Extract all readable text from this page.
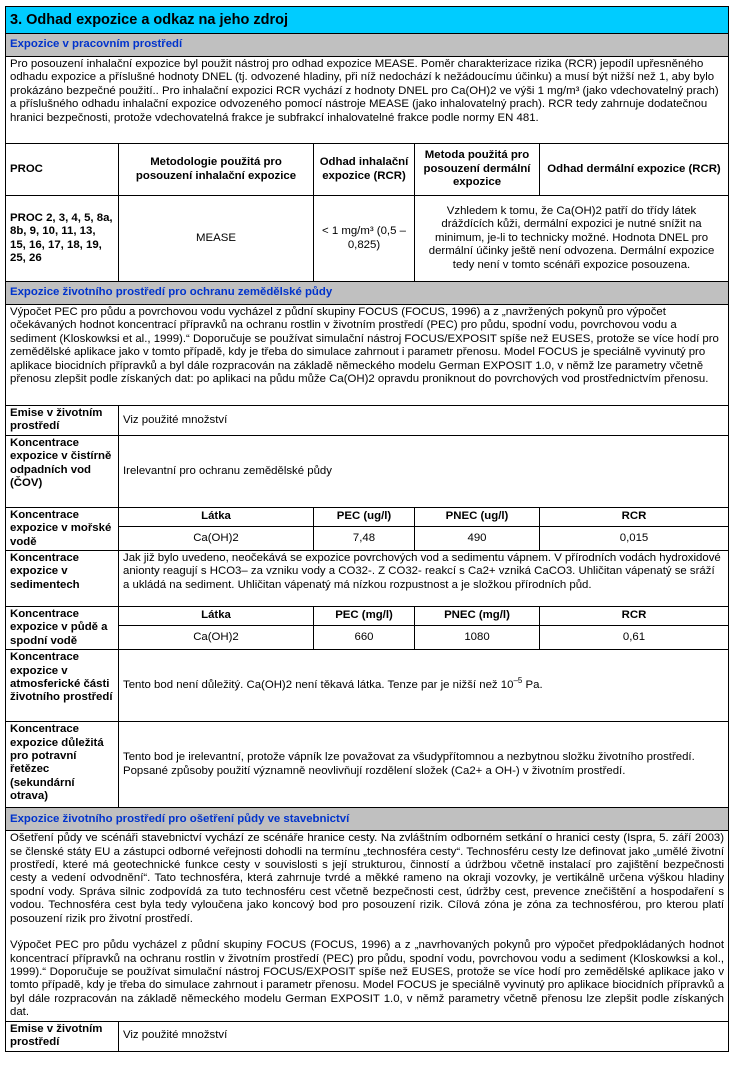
3. Odhad expozice a odkaz na jeho zdroj				
Expozice v pracovním prostředí				
Pro posouzení inhalační expozice byl použit nástroj pro odhad expozice MEASE. Poměr charakterizace rizika (RCR) jepodíl upřesněného odhadu expozice a příslušné hodnoty DNEL (tj. odvozené hladiny, při níž nedochází k nežádoucímu účinku) a musí být nižší než 1, aby bylo prokázáno bezpečné použití.. Pro inhalační expozici RCR vychází z hodnoty DNEL pro Ca(OH)2 ve výši 1 mg/m³ (jako vdechovatelný prach) a příslušného odhadu inhalační expozice odvozeného pomocí nástroje MEASE (jako inhalovatelný prach). RCR tedy zahrnuje dodatečnou hranici bezpečnosti, protože vdechovatelná frakce je subfrakcí inhalovatelné frakce podle normy EN 481.				
PROC	Metodologie použitá pro posouzení inhalační expozice	Odhad inhalační expozice (RCR)	Metoda použitá pro posouzení dermální expozice	Odhad dermální expozice (RCR)
PROC 2, 3, 4, 5, 8a, 8b, 9, 10, 11, 13, 15, 16, 17, 18, 19, 25, 26	MEASE	< 1 mg/m³ (0,5 – 0,825)	Vzhledem k tomu, že Ca(OH)2 patří do třídy látek dráždících kůži, dermální expozici je nutné snížit na minimum, je-li to technicky možné. Hodnota DNEL pro dermální účinky ještě není odvozena. Dermální expozice tedy není v tomto scénáři expozice posouzena.	
Expozice životního prostředí pro ochranu zemědělské půdy				
Výpočet PEC pro půdu a povrchovou vodu vycházel z půdní skupiny FOCUS (FOCUS, 1996) a z „navržených pokynů pro výpočet očekávaných hodnot koncentrací přípravků na ochranu rostlin v životním prostředí (PEC) pro půdu, spodní vodu, povrchovou vodu a sediment (Kloskowksi et al., 1999).“ Doporučuje se používat simulační nástroj FOCUS/EXPOSIT spíše než EUSES, protože se více hodí pro zemědělské aplikace jako v tomto případě, kdy je třeba do simulace zahrnout i parametr přenosu. Model FOCUS je speciálně vyvinutý pro aplikace biocidních přípravků a byl dále rozpracován na základě německého modelu German EXPOSIT 1.0, v němž lze parametry včetně přenosu zlepšit podle získaných dat: po aplikaci na půdu může Ca(OH)2 opravdu proniknout do povrchových vod prostřednictvím přenosu.				
Emise v životním prostředí	Viz použité množství			
Koncentrace expozice v čistírně odpadních vod (ČOV)	Irelevantní pro ochranu zemědělské půdy			
Koncentrace expozice v mořské vodě	Látka	PEC (ug/l)	PNEC (ug/l)	RCR
	Ca(OH)2	7,48	490	0,015
Koncentrace expozice v sedimentech	Jak již bylo uvedeno, neočekává se expozice povrchových vod a sedimentu vápnem. V přírodních vodách hydroxidové anionty reagují s HCO3– za vzniku vody a CO32-. Z CO32- reakcí s Ca2+ vzniká CaCO3. Uhličitan vápenatý se sráží a ukládá na sediment. Uhličitan vápenatý má nízkou rozpustnost a je složkou přírodních půd.			
Koncentrace expozice v půdě a spodní vodě	Látka	PEC (mg/l)	PNEC (mg/l)	RCR
	Ca(OH)2	660	1080	0,61
Koncentrace expozice v atmosferické části životního prostředí	Tento bod není důležitý. Ca(OH)2 není těkavá látka. Tenze par je nižší než $10^{-5}$ Pa.			
Koncentrace expozice důležitá pro potravní řetězec (sekundární otrava)	Tento bod je irelevantní, protože vápník lze považovat za všudypřítomnou a nezbytnou složku životního prostředí. Popsané způsoby použití významně neovlivňují rozdělení složek (Ca2+ a OH-) v životním prostředí.			
Expozice životního prostředí pro ošetření půdy ve stavebnictví				

Ošetření půdy ve scénáři stavebnictví vychází ze scénáře hranice cesty. Na zvláštním odborném setkání o hranici cesty (Ispra, 5. září 2003) se členské státy EU a zástupci odborné veřejnosti dohodli na termínu „technosféra cesty“. Technosféru cesty lze definovat jako „umělé životní prostředí, které má geotechnické funkce cesty v souvislosti s její strukturou, činností a údržbou včetně instalací pro zajištění bezpečnosti cesty a vedení odvodnění“. Tato technosféra, která zahrnuje tvrdé a měkké rameno na okraji vozovky, je vertikálně určena výškou hladiny spodní vody. Správa silnic zodpovídá za tuto technosféru cest včetně bezpečnosti cest, údržby cest, prevence znečištění a hospodaření s vodou. Technosféra cest byla tedy vyloučena jako koncový bod pro posouzení rizik. Cílová zóna je zóna za technosférou, pro kterou platí posouzení rizik pro životní prostředí.
Výpočet PEC pro půdu vycházel z půdní skupiny FOCUS (FOCUS, 1996) a z „navrhovaných pokynů pro výpočet předpokládaných hodnot koncentrací přípravků na ochranu rostlin v životním prostředí (PEC) pro půdu, spodní vodu, povrchovou vodu a sediment (Kloskowksi a kol., 1999).“ Doporučuje se používat simulační nástroj FOCUS/EXPOSIT spíše než EUSES, protože se více hodí pro zemědělské aplikace jako v tomto případě, kdy je třeba do simulace zahrnout i parametr přenosu. Model FOCUS je speciálně vyvinutý pro aplikace biocidních přípravků a byl dále rozpracován na základě německého modelu German EXPOSIT 1.0, v němž parametry včetně přenosu lze zlepšit podle získaných dat.				

Emise v životním prostředí	Viz použité množství			
